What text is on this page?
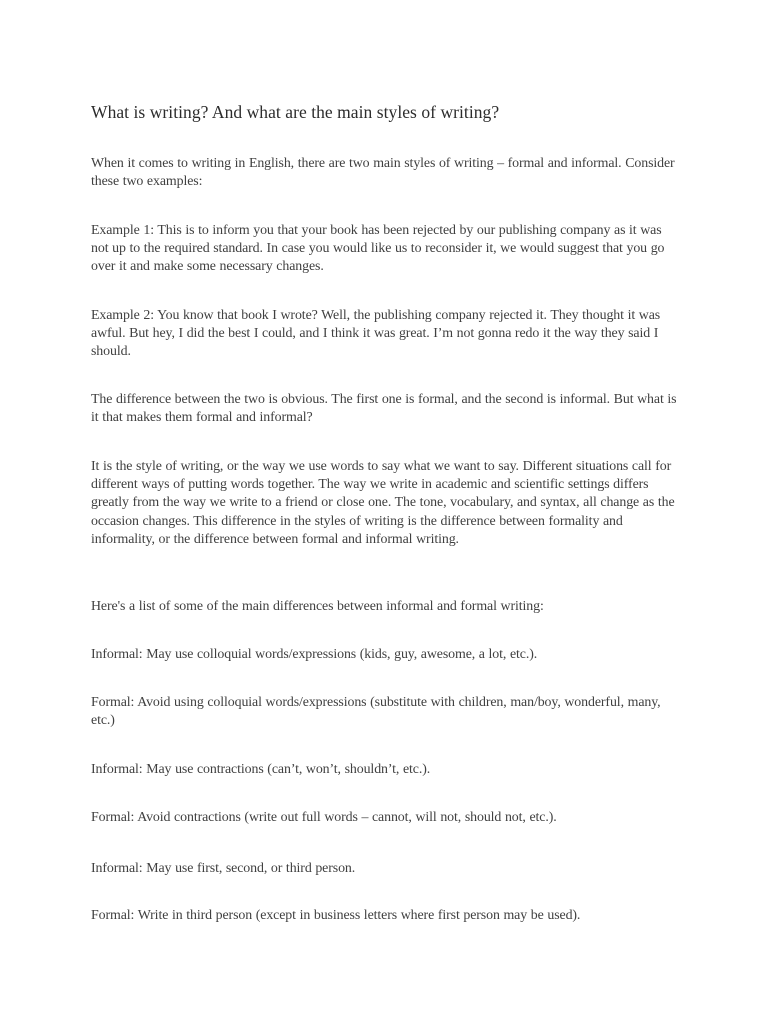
What is writing? And what are the main styles of writing?

When it comes to writing in English, there are two main styles of writing – formal and informal. Consider these two examples:

Example 1: This is to inform you that your book has been rejected by our publishing company as it was not up to the required standard. In case you would like us to reconsider it, we would suggest that you go over it and make some necessary changes.

Example 2: You know that book I wrote? Well, the publishing company rejected it. They thought it was awful. But hey, I did the best I could, and I think it was great. I’m not gonna redo it the way they said I should.

The difference between the two is obvious. The first one is formal, and the second is informal. But what is it that makes them formal and informal?

It is the style of writing, or the way we use words to say what we want to say. Different situations call for different ways of putting words together. The way we write in academic and scientific settings differs greatly from the way we write to a friend or close one. The tone, vocabulary, and syntax, all change as the occasion changes. This difference in the styles of writing is the difference between formality and informality, or the difference between formal and informal writing.

Here's a list of some of the main differences between informal and formal writing:

Informal: May use colloquial words/expressions (kids, guy, awesome, a lot, etc.).

Formal: Avoid using colloquial words/expressions (substitute with children, man/boy, wonderful, many, etc.)

Informal: May use contractions (can’t, won’t, shouldn’t, etc.).

Formal: Avoid contractions (write out full words – cannot, will not, should not, etc.).

Informal: May use first, second, or third person.

Formal: Write in third person (except in business letters where first person may be used).
